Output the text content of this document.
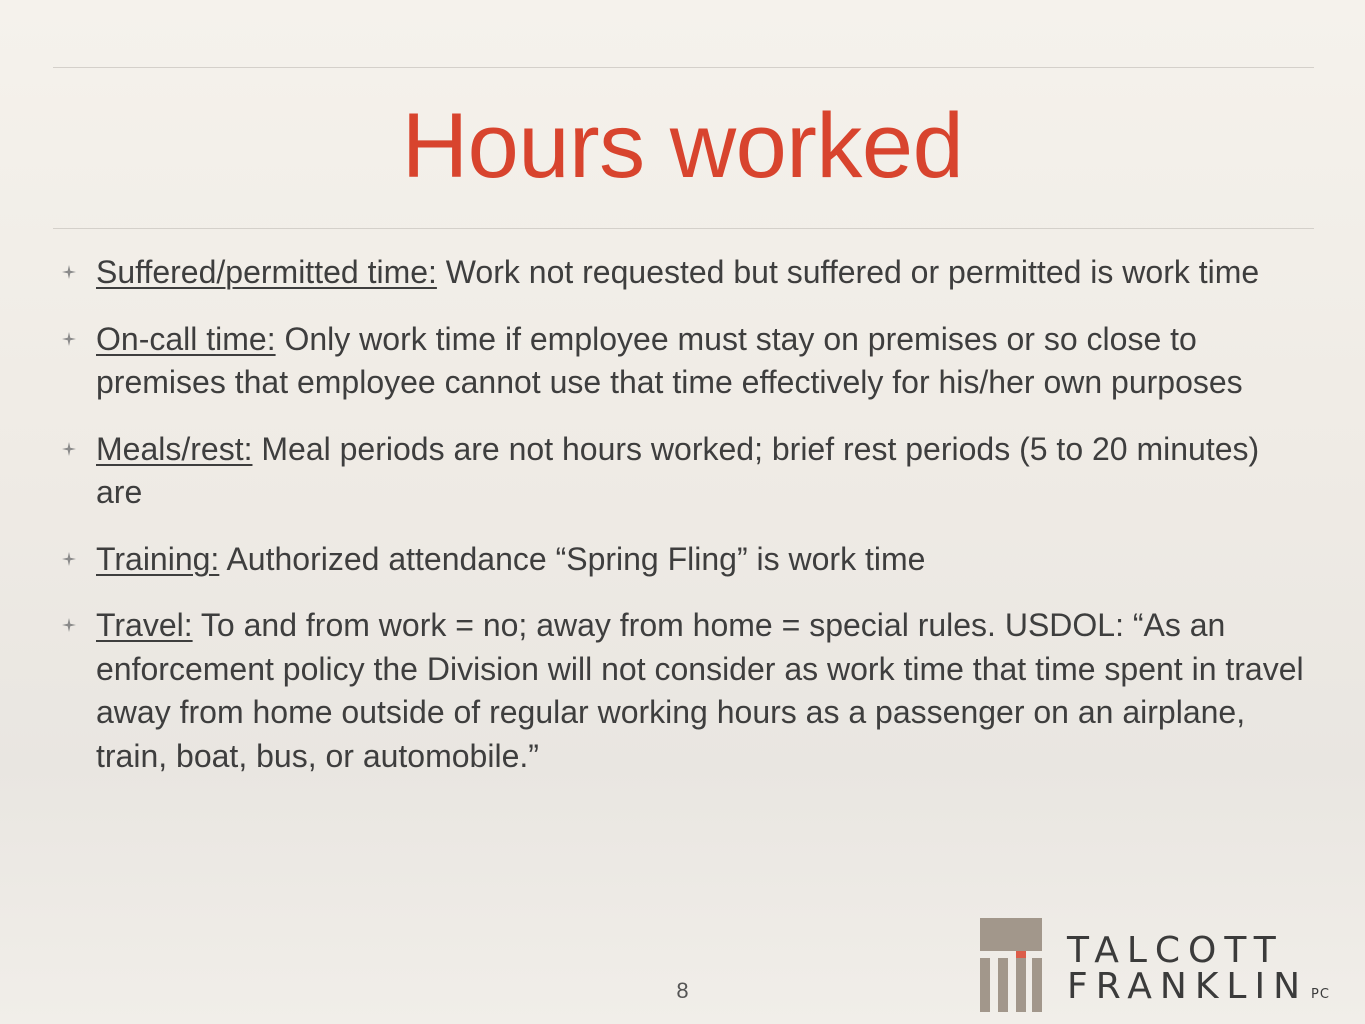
Hours worked
Suffered/permitted time: Work not requested but suffered or permitted is work time
On-call time: Only work time if employee must stay on premises or so close to premises that employee cannot use that time effectively for his/her own purposes
Meals/rest: Meal periods are not hours worked; brief rest periods (5 to 20 minutes) are
Training: Authorized attendance “Spring Fling” is work time
Travel: To and from work = no; away from home = special rules. USDOL: “As an enforcement policy the Division will not consider as work time that time spent in travel away from home outside of regular working hours as a passenger on an airplane, train, boat, bus, or automobile.”
8
TALCOTT
FRANKLIN PC
